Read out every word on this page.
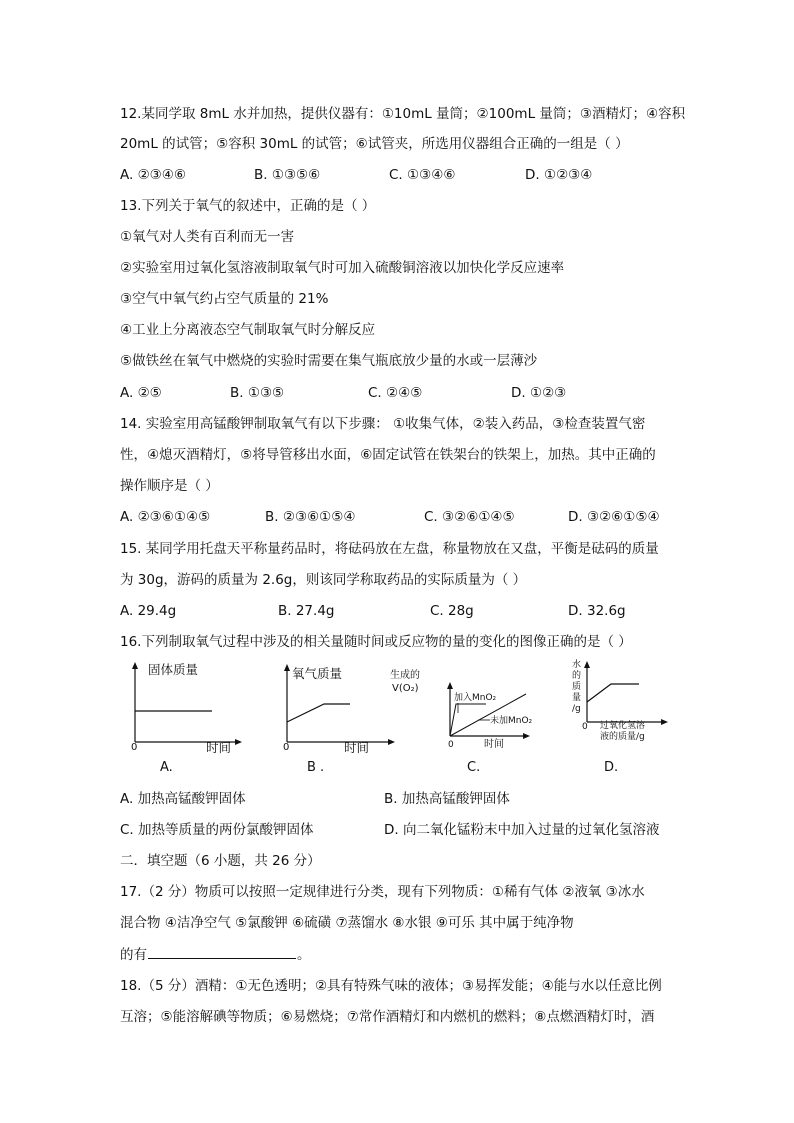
12.某同学取 8mL 水并加热，提供仪器有：①10mL 量筒；②100mL 量筒；③酒精灯；④容积
20mL 的试管；⑤容积 30mL 的试管；⑥试管夹，所选用仪器组合正确的一组是（ ）
A. ②③④⑥	B. ①③⑤⑥	C. ①③④⑥	D. ①②③④
13.下列关于氧气的叙述中，正确的是（ ）
①氧气对人类有百利而无一害
②实验室用过氧化氢溶液制取氧气时可加入硫酸铜溶液以加快化学反应速率
③空气中氧气约占空气质量的 21%
④工业上分离液态空气制取氧气时分解反应
⑤做铁丝在氧气中燃烧的实验时需要在集气瓶底放少量的水或一层薄沙
A. ②⑤	B. ①③⑤	C. ②④⑤	D. ①②③
14. 实验室用高锰酸钾制取氧气有以下步骤： ①收集气体，②装入药品，③检查装置气密
性，④熄灭酒精灯，⑤将导管移出水面，⑥固定试管在铁架台的铁架上，加热。其中正确的
操作顺序是（ ）
A. ②③⑥①④⑤	B. ②③⑥①⑤④	C. ③②⑥①④⑤	D. ③②⑥①⑤④
15. 某同学用托盘天平称量药品时，将砝码放在左盘，称量物放在又盘，平衡是砝码的质量
为 30g，游码的质量为 2.6g，则该同学称取药品的实际质量为（ ）
A. 29.4g	B. 27.4g	C. 28g	D. 32.6g
16.下列制取氧气过程中涉及的相关量随时间或反应物的量的变化的图像正确的是（ ）
固体质量
0	时间
A.
氧气质量
0	时间
B .
生成的
V(O₂)
加入MnO₂
未加MnO₂
0	时间
C.
水
的
质
量
/g
0 过氧化氢溶
液的质量/g
D.
A. 加热高锰酸钾固体	B. 加热高锰酸钾固体
C. 加热等质量的两份氯酸钾固体	D. 向二氧化锰粉末中加入过量的过氧化氢溶液
二．填空题（6 小题，共 26 分）
17.（2 分）物质可以按照一定规律进行分类，现有下列物质：①稀有气体 ②液氧 ③冰水
混合物 ④洁净空气 ⑤氯酸钾 ⑥硫磺 ⑦蒸馏水 ⑧水银 ⑨可乐 其中属于纯净物
的有	。
18.（5 分）酒精：①无色透明；②具有特殊气味的液体；③易挥发能；④能与水以任意比例
互溶；⑤能溶解碘等物质；⑥易燃烧；⑦常作酒精灯和内燃机的燃料；⑧点燃酒精灯时，酒
